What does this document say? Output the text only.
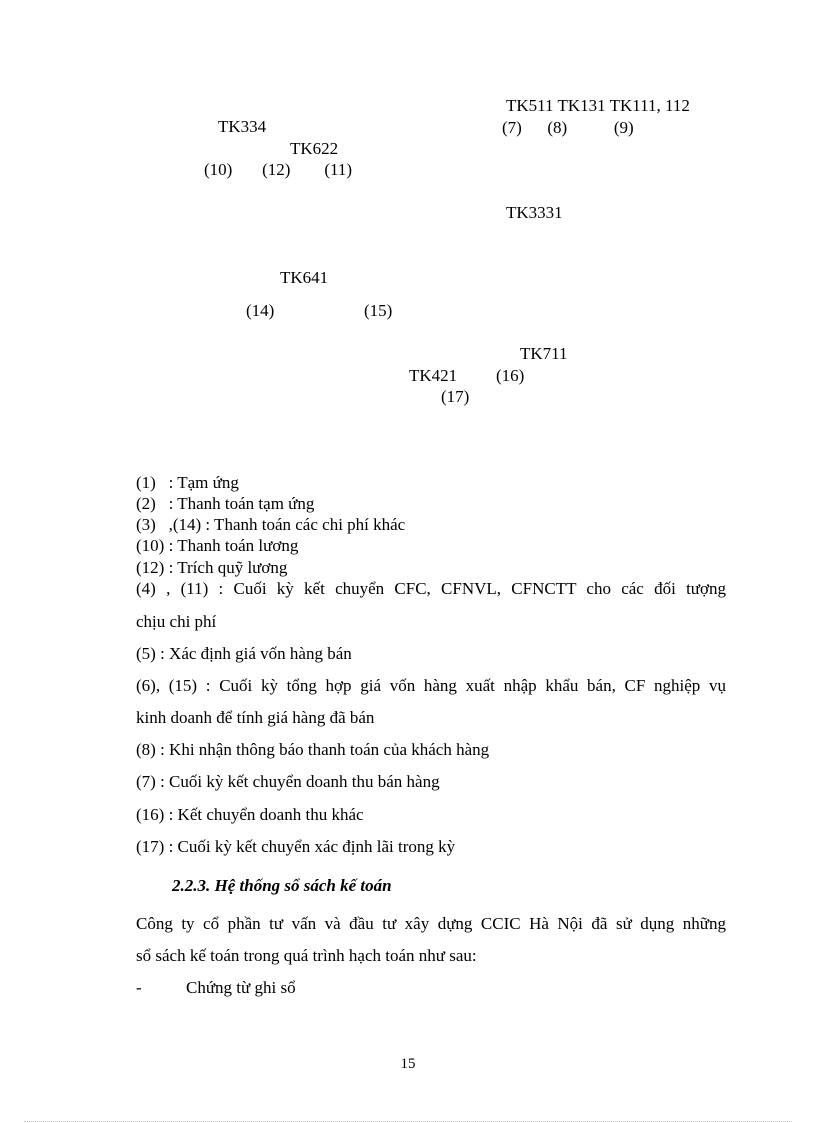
TK511 TK131 TK111, 112
TK334	(7)      (8)           (9)
TK622
(10)       (12)        (11)
TK3331
TK641
(14)	(15)
TK711
TK421 (16)
(17)
(1)   : Tạm ứng
(2)   : Thanh toán tạm ứng
(3)   ,(14) : Thanh toán các chi phí khác
(10) : Thanh toán lương
(12) : Trích quỹ lương
(4) , (11) : Cuối kỳ kết chuyển CFC, CFNVL, CFNCTT cho các đối tượng
chịu chi phí
(5) : Xác định giá vốn hàng bán
(6), (15) : Cuối kỳ tổng hợp giá vốn hàng xuất nhập khẩu bán, CF nghiệp vụ
kinh doanh để tính giá hàng đã bán
(8) : Khi nhận thông báo thanh toán của khách hàng
(7) : Cuối kỳ kết chuyển doanh thu bán hàng
(16) : Kết chuyển doanh thu khác
(17) : Cuối kỳ kết chuyển xác định lãi trong kỳ
2.2.3. Hệ thống sổ sách kế toán
Công ty cổ phần tư vấn và đầu tư xây dựng CCIC Hà Nội đã sử dụng những
sổ sách kế toán trong quá trình hạch toán như sau:
-	Chứng từ ghi sổ
15
